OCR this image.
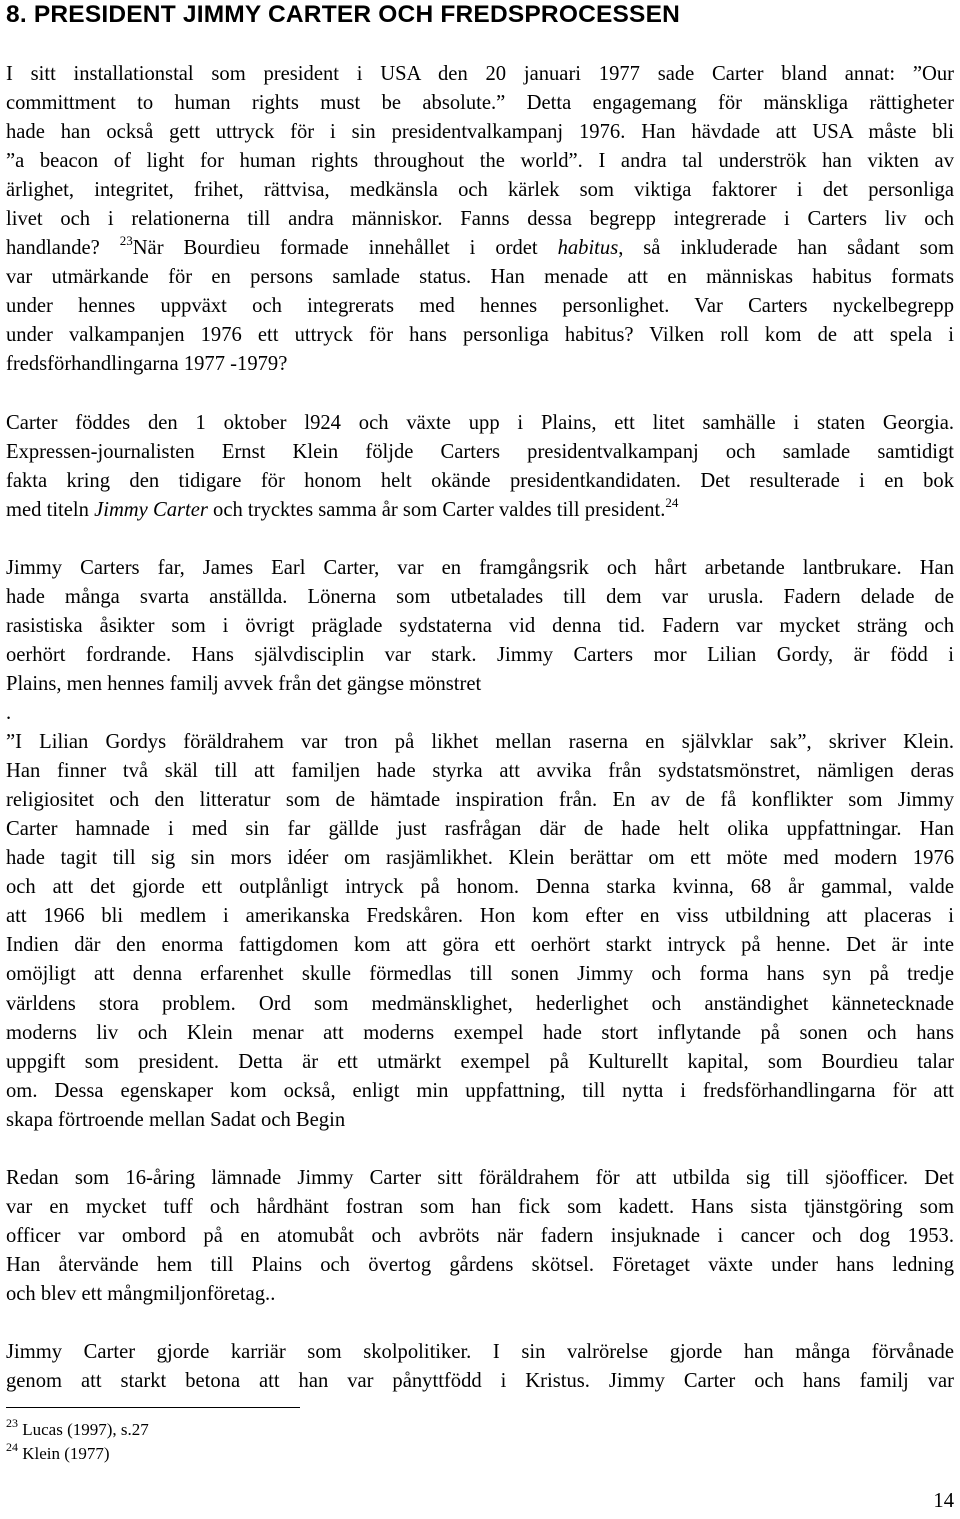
8. PRESIDENT JIMMY CARTER OCH FREDSPROCESSEN
I sitt installationstal som president i USA den 20 januari 1977 sade Carter bland annat: ”Our
committment to human rights must be absolute.” Detta engagemang för mänskliga rättigheter
hade han också gett uttryck för i sin presidentvalkampanj 1976. Han hävdade att USA måste bli
”a beacon of light for human rights throughout the world”. I andra tal underströk han vikten av
ärlighet, integritet, frihet, rättvisa, medkänsla och kärlek som viktiga faktorer i det personliga
livet och i relationerna till andra människor. Fanns dessa begrepp integrerade i Carters liv och
handlande? $^{23}$När Bourdieu formade innehållet i ordet habitus, så inkluderade han sådant som
var utmärkande för en persons samlade status. Han menade att en människas habitus formats
under hennes uppväxt och integrerats med hennes personlighet. Var Carters nyckelbegrepp
under valkampanjen 1976 ett uttryck för hans personliga habitus? Vilken roll kom de att spela i
fredsförhandlingarna 1977 -1979?
Carter föddes den 1 oktober l924 och växte upp i Plains, ett litet samhälle i staten Georgia.
Expressen-journalisten Ernst Klein följde Carters presidentvalkampanj och samlade samtidigt
fakta kring den tidigare för honom helt okände presidentkandidaten. Det resulterade i en bok
med titeln Jimmy Carter och trycktes samma år som Carter valdes till president.$^{24}$
Jimmy Carters far, James Earl Carter, var en framgångsrik och hårt arbetande lantbrukare. Han
hade många svarta anställda. Lönerna som utbetalades till dem var urusla. Fadern delade de
rasistiska åsikter som i övrigt präglade sydstaterna vid denna tid. Fadern var mycket sträng och
oerhört fordrande. Hans självdisciplin var stark. Jimmy Carters mor Lilian Gordy, är född i
Plains, men hennes familj avvek från det gängse mönstret
.
”I Lilian Gordys föräldrahem var tron på likhet mellan raserna en självklar sak”, skriver Klein.
Han finner två skäl till att familjen hade styrka att avvika från sydstatsmönstret, nämligen deras
religiositet och den litteratur som de hämtade inspiration från. En av de få konflikter som Jimmy
Carter hamnade i med sin far gällde just rasfrågan där de hade helt olika uppfattningar. Han
hade tagit till sig sin mors idéer om rasjämlikhet. Klein berättar om ett möte med modern 1976
och att det gjorde ett outplånligt intryck på honom. Denna starka kvinna, 68 år gammal, valde
att 1966 bli medlem i amerikanska Fredskåren. Hon kom efter en viss utbildning att placeras i
Indien där den enorma fattigdomen kom att göra ett oerhört starkt intryck på henne. Det är inte
omöjligt att denna erfarenhet skulle förmedlas till sonen Jimmy och forma hans syn på tredje
världens stora problem. Ord som medmänsklighet, hederlighet och anständighet kännetecknade
moderns liv och Klein menar att moderns exempel hade stort inflytande på sonen och hans
uppgift som president. Detta är ett utmärkt exempel på Kulturellt kapital, som Bourdieu talar
om. Dessa egenskaper kom också, enligt min uppfattning, till nytta i fredsförhandlingarna för att
skapa förtroende mellan Sadat och Begin
Redan som 16-åring lämnade Jimmy Carter sitt föräldrahem för att utbilda sig till sjöofficer. Det
var en mycket tuff och hårdhänt fostran som han fick som kadett. Hans sista tjänstgöring som
officer var ombord på en atomubåt och avbröts när fadern insjuknade i cancer och dog 1953.
Han återvände hem till Plains och övertog gårdens skötsel. Företaget växte under hans ledning
och blev ett mångmiljonföretag..
Jimmy Carter gjorde karriär som skolpolitiker. I sin valrörelse gjorde han många förvånade
genom att starkt betona att han var pånyttfödd i Kristus. Jimmy Carter och hans familj var

$^{23}$ Lucas (1997), s.27

$^{24}$ Klein (1977)

14
